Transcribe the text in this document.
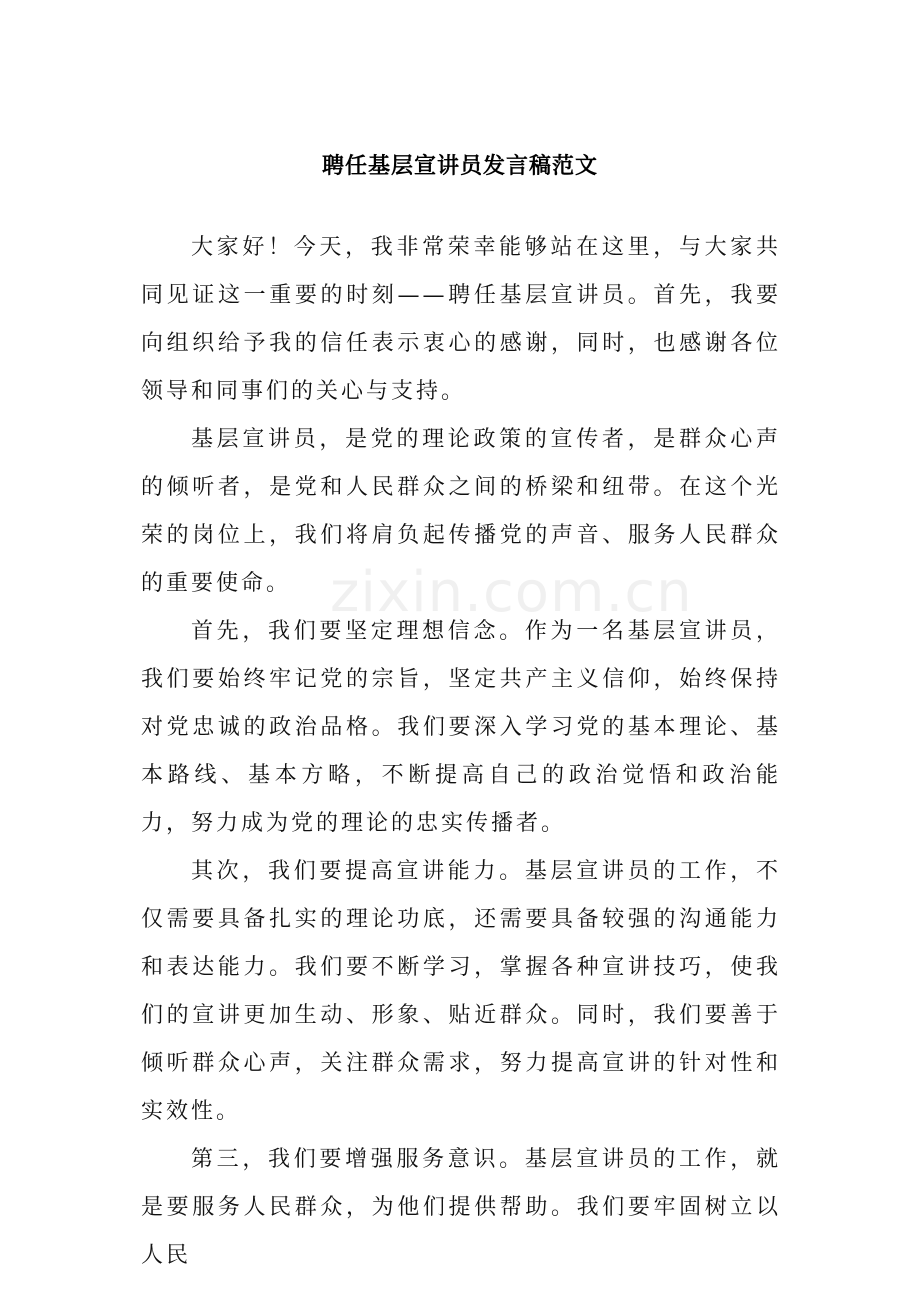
zixin.com.cn
聘任基层宣讲员发言稿范文

大家好！今天，我非常荣幸能够站在这里，与大家共同见证这一重要的时刻——聘任基层宣讲员。首先，我要向组织给予我的信任表示衷心的感谢，同时，也感谢各位领导和同事们的关心与支持。

基层宣讲员，是党的理论政策的宣传者，是群众心声的倾听者，是党和人民群众之间的桥梁和纽带。在这个光荣的岗位上，我们将肩负起传播党的声音、服务人民群众的重要使命。

首先，我们要坚定理想信念。作为一名基层宣讲员，我们要始终牢记党的宗旨，坚定共产主义信仰，始终保持对党忠诚的政治品格。我们要深入学习党的基本理论、基本路线、基本方略，不断提高自己的政治觉悟和政治能力，努力成为党的理论的忠实传播者。

其次，我们要提高宣讲能力。基层宣讲员的工作，不仅需要具备扎实的理论功底，还需要具备较强的沟通能力和表达能力。我们要不断学习，掌握各种宣讲技巧，使我们的宣讲更加生动、形象、贴近群众。同时，我们要善于倾听群众心声，关注群众需求，努力提高宣讲的针对性和实效性。

第三，我们要增强服务意识。基层宣讲员的工作，就是要服务人民群众，为他们提供帮助。我们要牢固树立以人民
